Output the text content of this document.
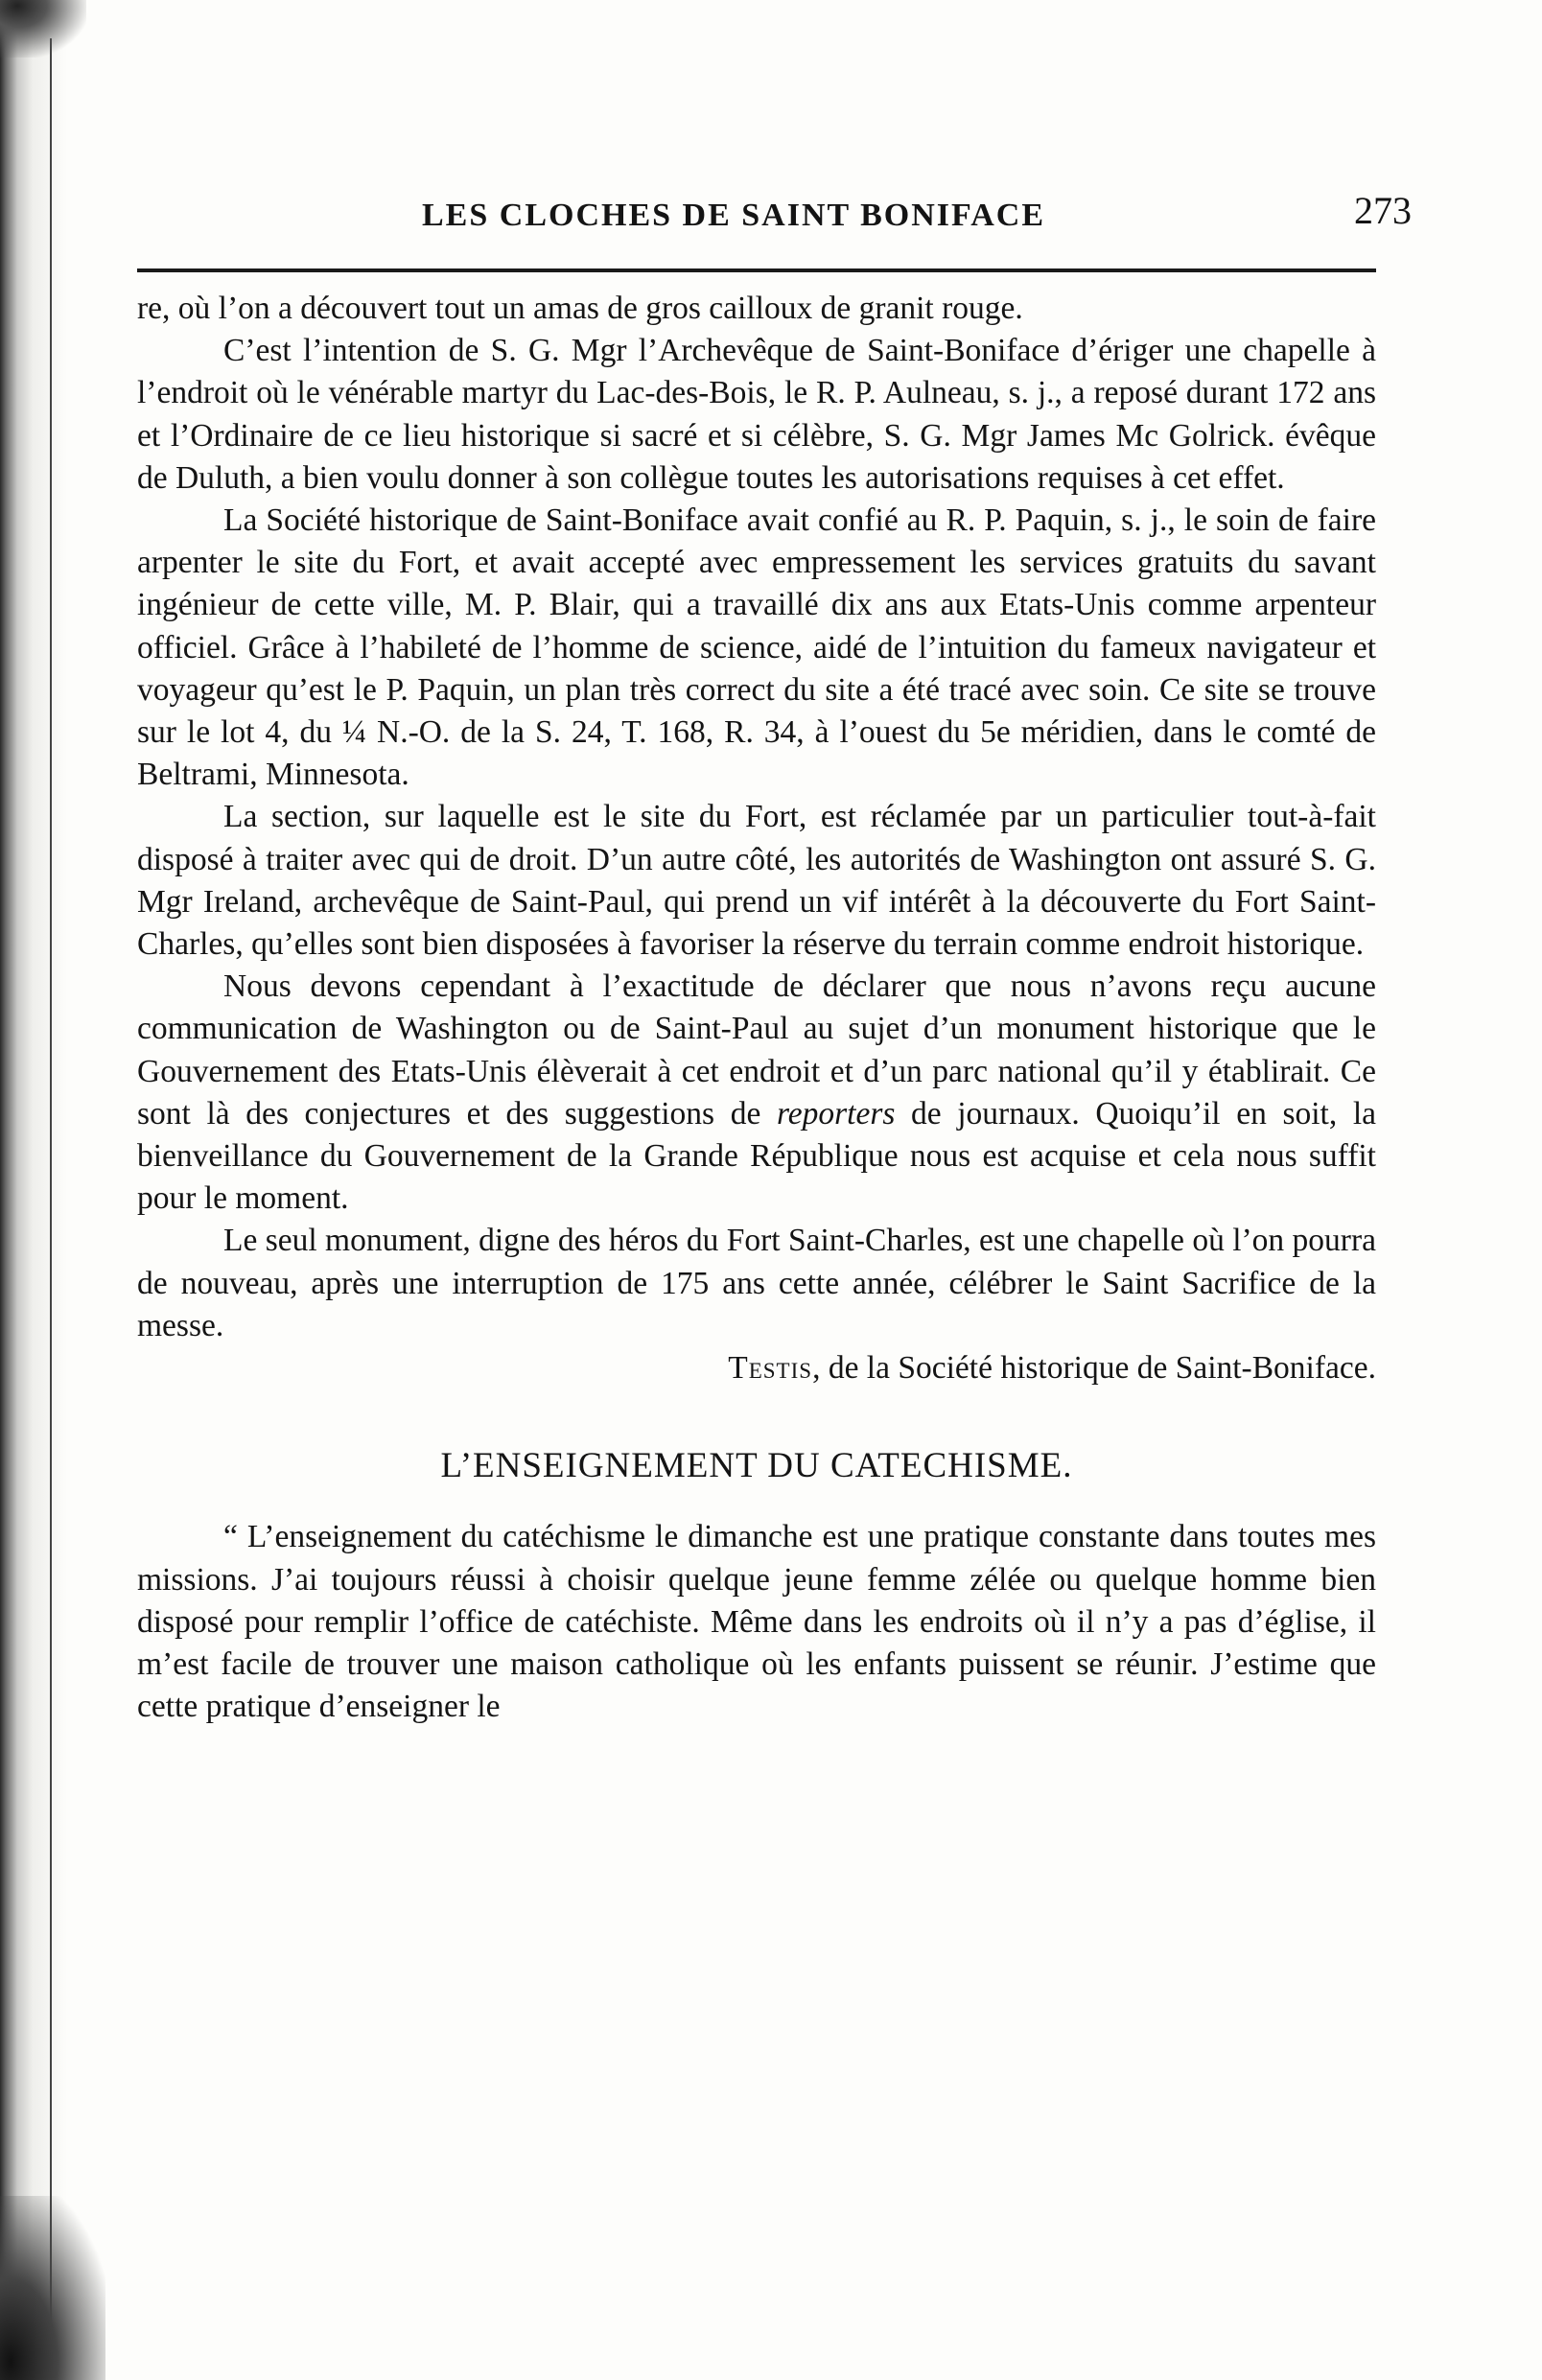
LES CLOCHES DE SAINT BONIFACE	273

re, où l’on a découvert tout un amas de gros cailloux de granit rouge.

C’est l’intention de S. G. Mgr l’Archevêque de Saint-Boniface d’ériger une chapelle à l’endroit où le vénérable martyr du Lac-des-Bois, le R. P. Aulneau, s. j., a reposé durant 172 ans et l’Ordinaire de ce lieu historique si sacré et si célèbre, S. G. Mgr James Mc Golrick. évêque de Duluth, a bien voulu donner à son collègue toutes les autorisations requises à cet effet.

La Société historique de Saint-Boniface avait confié au R. P. Paquin, s. j., le soin de faire arpenter le site du Fort, et avait accepté avec empressement les services gratuits du savant ingénieur de cette ville, M. P. Blair, qui a travaillé dix ans aux Etats-Unis comme arpenteur officiel. Grâce à l’habileté de l’homme de science, aidé de l’intuition du fameux navigateur et voyageur qu’est le P. Paquin, un plan très correct du site a été tracé avec soin. Ce site se trouve sur le lot 4, du ¼ N.-O. de la S. 24, T. 168, R. 34, à l’ouest du 5e méridien, dans le comté de Beltrami, Minnesota.

La section, sur laquelle est le site du Fort, est réclamée par un particulier tout-à-fait disposé à traiter avec qui de droit. D’un autre côté, les autorités de Washington ont assuré S. G. Mgr Ireland, archevêque de Saint-Paul, qui prend un vif intérêt à la découverte du Fort Saint-Charles, qu’elles sont bien disposées à favoriser la réserve du terrain comme endroit historique.

Nous devons cependant à l’exactitude de déclarer que nous n’avons reçu aucune communication de Washington ou de Saint-Paul au sujet d’un monument historique que le Gouvernement des Etats-Unis élèverait à cet endroit et d’un parc national qu’il y établirait. Ce sont là des conjectures et des suggestions de reporters de journaux. Quoiqu’il en soit, la bienveillance du Gouvernement de la Grande République nous est acquise et cela nous suffit pour le moment.

Le seul monument, digne des héros du Fort Saint-Charles, est une chapelle où l’on pourra de nouveau, après une interruption de 175 ans cette année, célébrer le Saint Sacrifice de la messe.

Testis, de la Société historique de Saint-Boniface.

L’ENSEIGNEMENT DU CATECHISME.

“ L’enseignement du catéchisme le dimanche est une pratique constante dans toutes mes missions. J’ai toujours réussi à choisir quelque jeune femme zélée ou quelque homme bien disposé pour remplir l’office de catéchiste. Même dans les endroits où il n’y a pas d’église, il m’est facile de trouver une maison catholique où les enfants puissent se réunir. J’estime que cette pratique d’enseigner le
